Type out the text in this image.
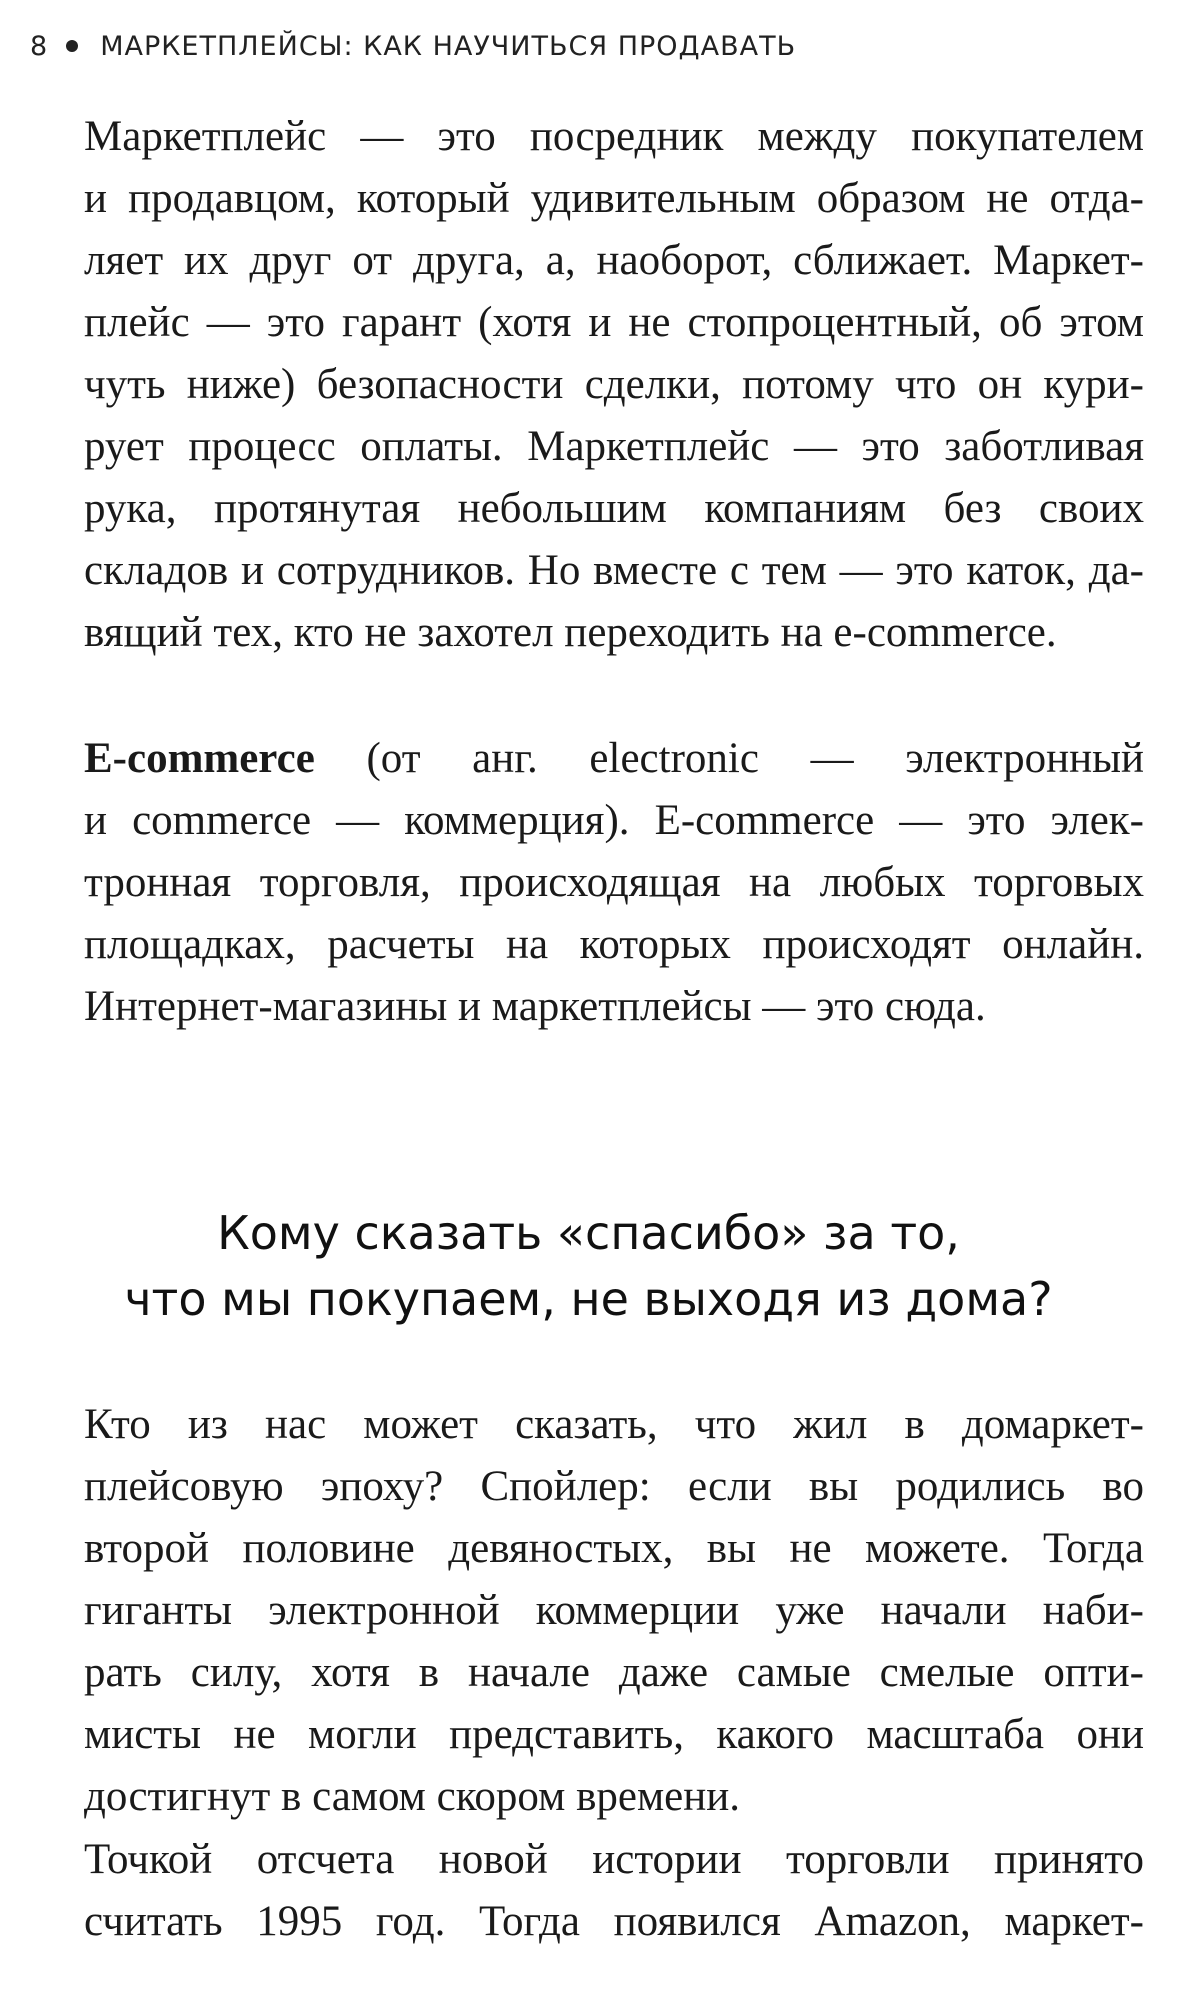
8 МАРКЕТПЛЕЙСЫ: КАК НАУЧИТЬСЯ ПРОДАВАТЬ
Маркетплейс — это посредник между покупателем
и продавцом, который удивительным образом не отда-
ляет их друг от друга, а, наоборот, сближает. Маркет-
плейс — это гарант (хотя и не стопроцентный, об этом
чуть ниже) безопасности сделки, потому что он кури-
рует процесс оплаты. Маркетплейс — это заботливая
рука, протянутая небольшим компаниям без своих
складов и сотрудников. Но вместе с тем — это каток, да-
вящий тех, кто не захотел переходить на e-commerce.
E-commerce (от анг. electronic — электронный
и commerce — коммерция). E-commerce — это элек-
тронная торговля, происходящая на любых торговых
площадках, расчеты на которых происходят онлайн.
Интернет-магазины и маркетплейсы — это сюда.
Кому сказать «спасибо» за то,
что мы покупаем, не выходя из дома?
Кто из нас может сказать, что жил в домаркет-
плейсовую эпоху? Спойлер: если вы родились во
второй половине девяностых, вы не можете. Тогда
гиганты электронной коммерции уже начали наби-
рать силу, хотя в начале даже самые смелые опти-
мисты не могли представить, какого масштаба они
достигнут в самом скором времени.
Точкой отсчета новой истории торговли принято
считать 1995 год. Тогда появился Amazon, маркет-
